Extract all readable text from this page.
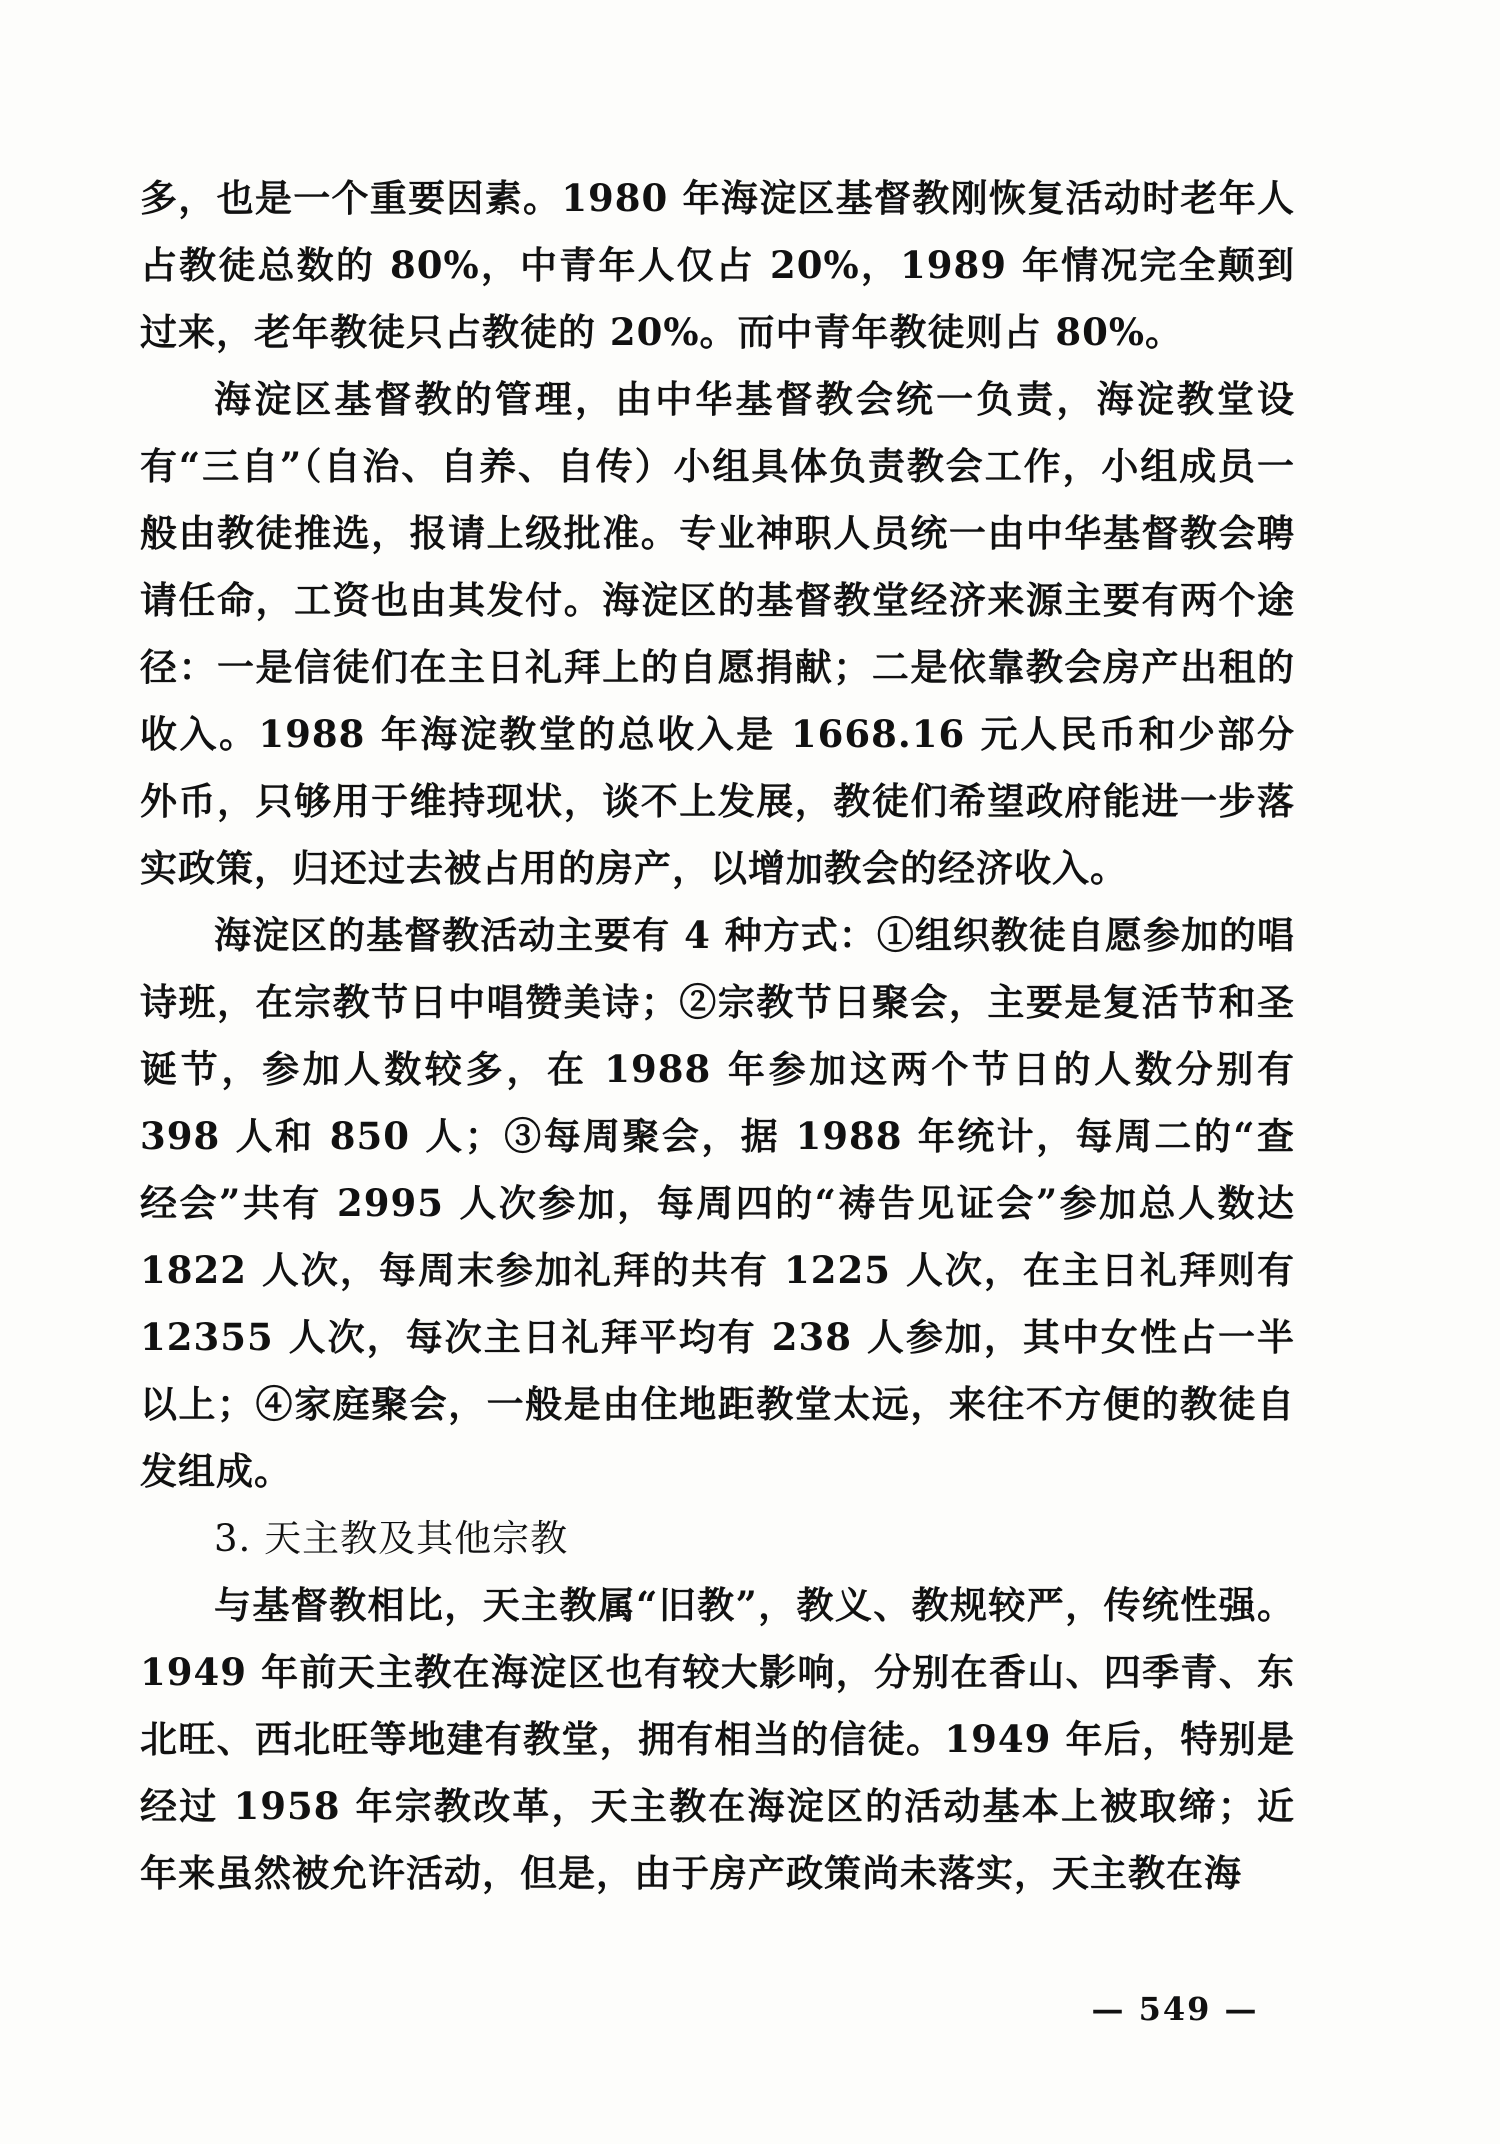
多，也是一个重要因素。1980 年海淀区基督教刚恢复活动时老年人占教徒总数的 80%，中青年人仅占 20%，1989 年情况完全颠到过来，老年教徒只占教徒的 20%。而中青年教徒则占 80%。

海淀区基督教的管理，由中华基督教会统一负责，海淀教堂设有“三自”（自治、自养、自传）小组具体负责教会工作，小组成员一般由教徒推选，报请上级批准。专业神职人员统一由中华基督教会聘请任命，工资也由其发付。海淀区的基督教堂经济来源主要有两个途径：一是信徒们在主日礼拜上的自愿捐献；二是依靠教会房产出租的收入。1988 年海淀教堂的总收入是 1668.16 元人民币和少部分外币，只够用于维持现状，谈不上发展，教徒们希望政府能进一步落实政策，归还过去被占用的房产，以增加教会的经济收入。

海淀区的基督教活动主要有 4 种方式：①组织教徒自愿参加的唱诗班，在宗教节日中唱赞美诗；②宗教节日聚会，主要是复活节和圣诞节，参加人数较多，在 1988 年参加这两个节日的人数分别有 398 人和 850 人；③每周聚会，据 1988 年统计，每周二的“查经会”共有 2995 人次参加，每周四的“祷告见证会”参加总人数达 1822 人次，每周末参加礼拜的共有 1225 人次，在主日礼拜则有 12355 人次，每次主日礼拜平均有 238 人参加，其中女性占一半以上；④家庭聚会，一般是由住地距教堂太远，来往不方便的教徒自发组成。

3. 天主教及其他宗教

与基督教相比，天主教属“旧教”，教义、教规较严，传统性强。1949 年前天主教在海淀区也有较大影响，分别在香山、四季青、东北旺、西北旺等地建有教堂，拥有相当的信徒。1949 年后，特别是经过 1958 年宗教改革，天主教在海淀区的活动基本上被取缔；近年来虽然被允许活动，但是，由于房产政策尚未落实，天主教在海

— 549 —
